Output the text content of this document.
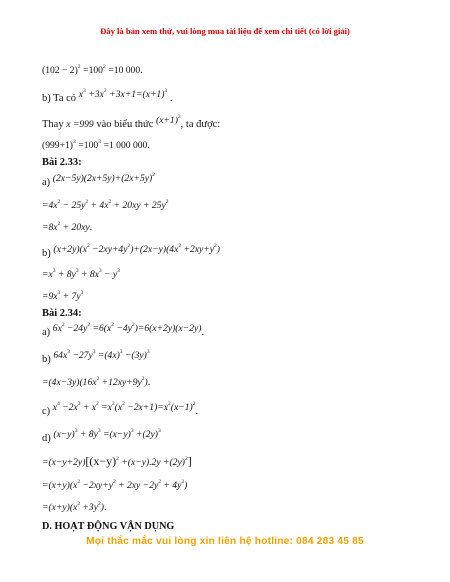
Đây là bản xem thử, vui lòng mua tài liệu để xem chi tiết (có lời giải)
$(102 - 2)^2 =100^2 =10$ 000.
b) Ta có $x^3 +3x^2 +3x+1=(x+1)^3$ .
Thay x =999 vào biểu thức $(x+1)^3$, ta được:
$(999+1)^3 =100^3 =1$ 000 000.
Bài 2.33:
a) $(2x-5y)(2x+5y)+(2x+5y)^2$
$=4x^2 - 25y^2 + 4x^2 + 20xy + 25y^2$
$=8x^2 + 20xy$.
b) $(x+2y)(x^2 -2xy+4y^2)+(2x-y)(4x^2 +2xy+y^2)$
$=x^3 + 8y^3 + 8x^3 - y^3$
$=9x^3 + 7y^3$
Bài 2.34:
a) $6x^2 -24y^2 =6(x^2 -4y^2)=6(x+2y)(x-2y)$.
b) $64x^3 -27y^3 =(4x)^3 -(3y)^3$
$=(4x-3y)(16x^2 +12xy+9y^2)$.
c) $x^4 -2x^3 + x^2 =x^2(x^2 -2x+1)=x^2(x-1)^2$.
d) $(x-y)^3 + 8y^3 =(x-y)^3 +(2y)^3$
$=(x-y+2y)[(x-y)^2 +(x-y).2y +(2y)^2]$
$=(x+y)(x^2 -2xy+y^2 + 2xy -2y^2 + 4y^2)$
$=(x+y)(x^2 +3y^2)$.
D. HOẠT ĐỘNG VẬN DỤNG
Mọi thắc mắc vui lòng xin liên hệ hotline: 084 283 45 85
